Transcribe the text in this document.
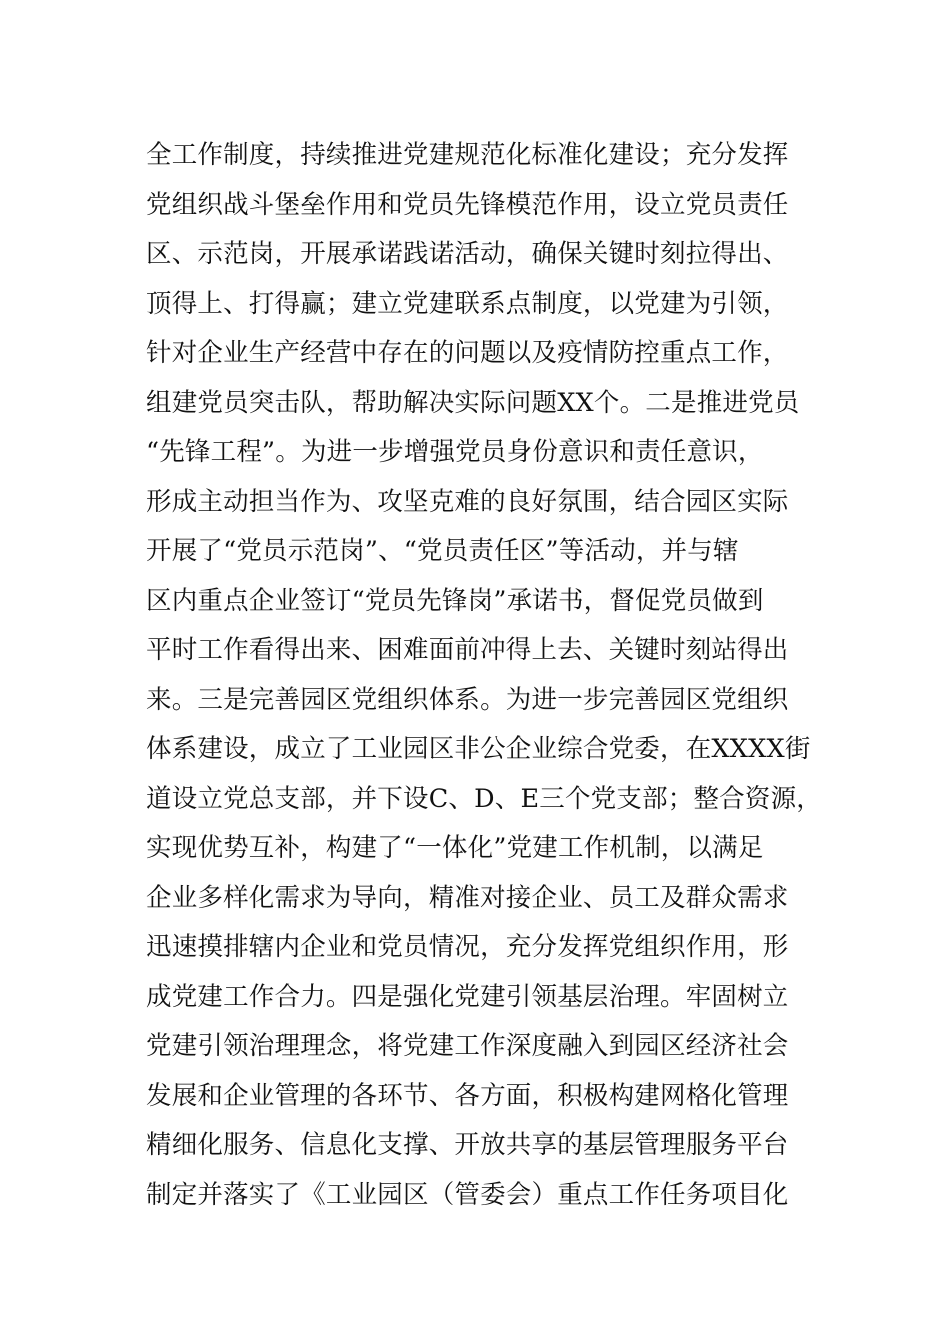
全工作制度，持续推进党建规范化标准化建设；充分发挥
党组织战斗堡垒作用和党员先锋模范作用，设立党员责任
区、示范岗，开展承诺践诺活动，确保关键时刻拉得出、
顶得上、打得赢；建立党建联系点制度，以党建为引领，
针对企业生产经营中存在的问题以及疫情防控重点工作，
组建党员突击队，帮助解决实际问题XX个。二是推进党员
“先锋工程”。为进一步增强党员身份意识和责任意识，
形成主动担当作为、攻坚克难的良好氛围，结合园区实际
开展了“党员示范岗”、“党员责任区”等活动，并与辖
区内重点企业签订“党员先锋岗”承诺书，督促党员做到
平时工作看得出来、困难面前冲得上去、关键时刻站得出
来。三是完善园区党组织体系。为进一步完善园区党组织
体系建设，成立了工业园区非公企业综合党委，在XXXX街
道设立党总支部，并下设C、D、E三个党支部；整合资源，
实现优势互补，构建了“一体化”党建工作机制，以满足
企业多样化需求为导向，精准对接企业、员工及群众需求
迅速摸排辖内企业和党员情况，充分发挥党组织作用，形
成党建工作合力。四是强化党建引领基层治理。牢固树立
党建引领治理理念，将党建工作深度融入到园区经济社会
发展和企业管理的各环节、各方面，积极构建网格化管理
精细化服务、信息化支撑、开放共享的基层管理服务平台
制定并落实了《工业园区（管委会）重点工作任务项目化
